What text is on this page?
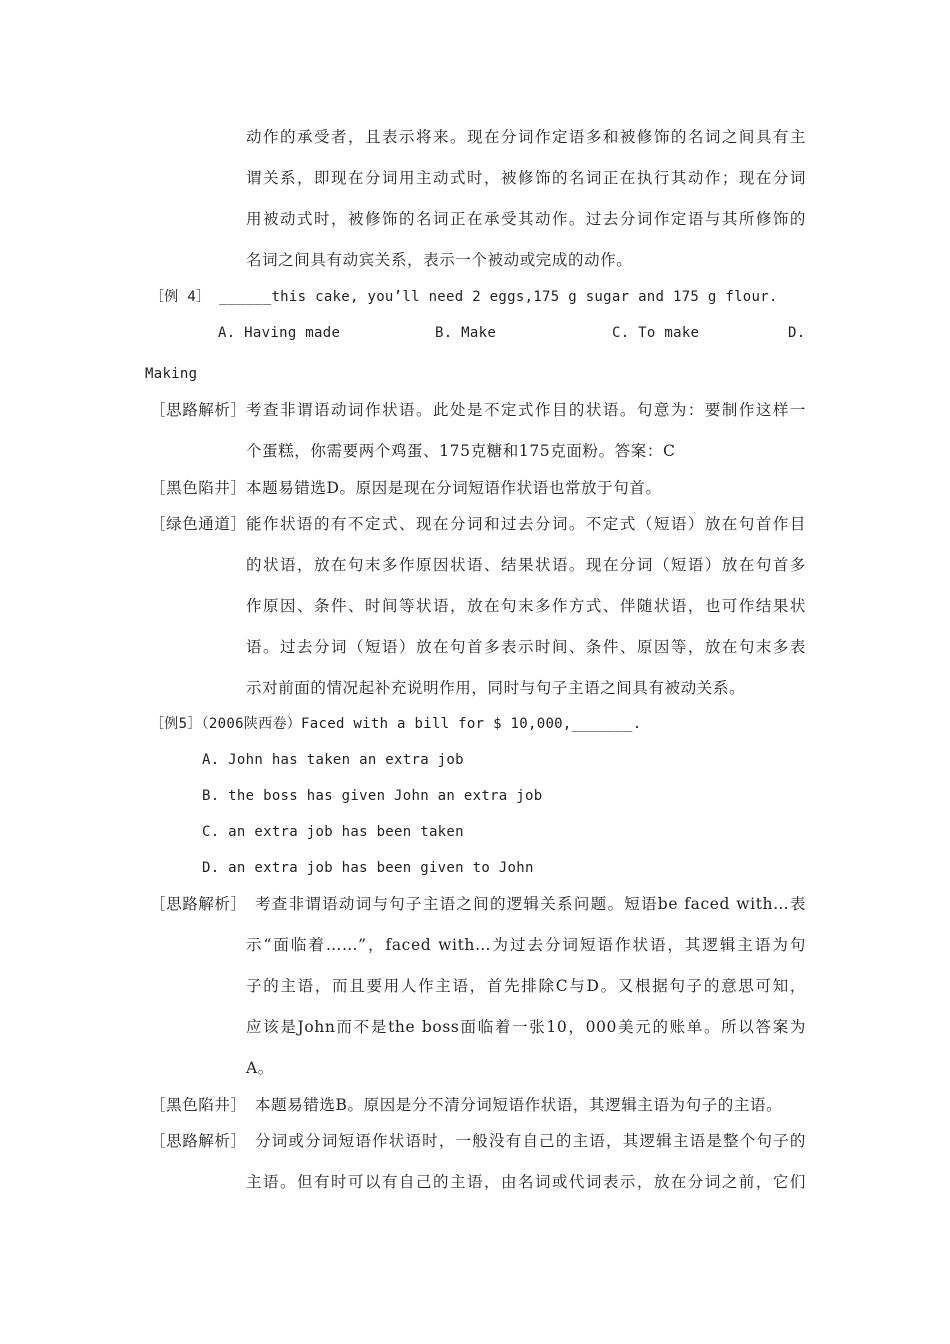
动作的承受者，且表示将来。现在分词作定语多和被修饰的名词之间具有主
谓关系，即现在分词用主动式时，被修饰的名词正在执行其动作；现在分词
用被动式时，被修饰的名词正在承受其动作。过去分词作定语与其所修饰的
名词之间具有动宾关系，表示一个被动或完成的动作。
［例 4］ ______this cake, you’ll need 2 eggs,175 g sugar and 175 g flour.
A. Having made	B. Make	C. To make	D.
Making
［思路解析］ 考查非谓语动词作状语。此处是不定式作目的状语。句意为：要制作这样一
个蛋糕，你需要两个鸡蛋、175克糖和175克面粉。答案：C
［黑色陷井］ 本题易错选D。原因是现在分词短语作状语也常放于句首。
［绿色通道］ 能作状语的有不定式、现在分词和过去分词。不定式（短语）放在句首作目
的状语，放在句末多作原因状语、结果状语。现在分词（短语）放在句首多
作原因、条件、时间等状语，放在句末多作方式、伴随状语，也可作结果状
语。过去分词（短语）放在句首多表示时间、条件、原因等，放在句末多表
示对前面的情况起补充说明作用，同时与句子主语之间具有被动关系。
［例5］（2006陕西卷）Faced with a bill for $ 10,000,_______.
A. John has taken an extra job
B. the boss has given John an extra job
C. an extra job has been taken
D. an extra job has been given to John
［思路解析］ 考查非谓语动词与句子主语之间的逻辑关系问题。短语be faced with…表
示“面临着……”，faced with…为过去分词短语作状语，其逻辑主语为句
子的主语，而且要用人作主语，首先排除C与D。又根据句子的意思可知，
应该是John而不是the boss面临着一张10，000美元的账单。所以答案为
A。
［黑色陷井］ 本题易错选B。原因是分不清分词短语作状语，其逻辑主语为句子的主语。
［思路解析］ 分词或分词短语作状语时，一般没有自己的主语，其逻辑主语是整个句子的
主语。但有时可以有自己的主语，由名词或代词表示，放在分词之前，它们
